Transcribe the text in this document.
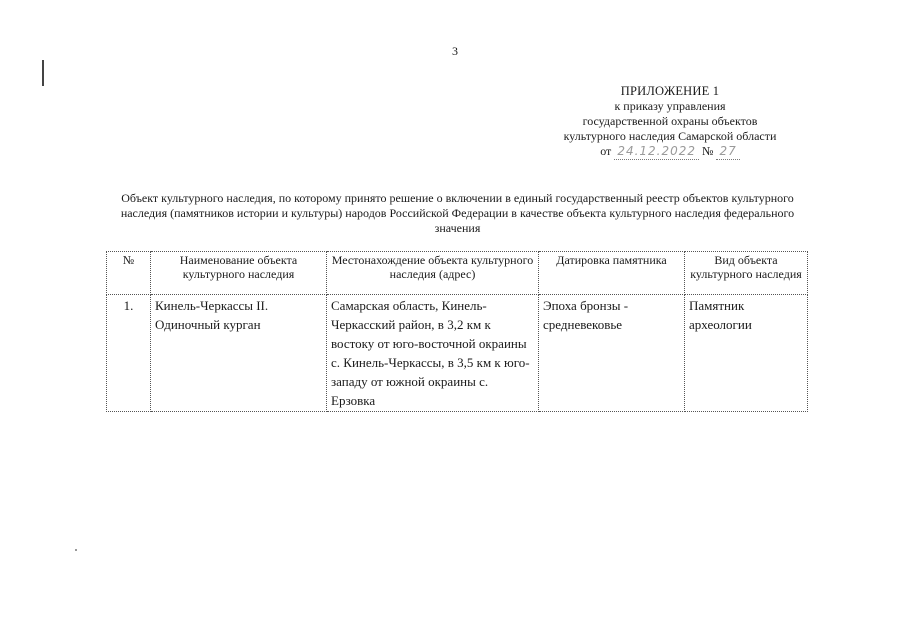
3
ПРИЛОЖЕНИЕ 1
к приказу управления
государственной охраны объектов
культурного наследия Самарской области
от 24.12.2022 № 27
Объект культурного наследия, по которому принято решение о включении в единый государственный реестр объектов культурного наследия (памятников истории и культуры) народов Российской Федерации в качестве объекта культурного наследия федерального значения
№	Наименование объекта культурного наследия	Местонахождение объекта культурного наследия (адрес)	Датировка памятника	Вид объекта культурного наследия
1.	Кинель-Черкассы II. Одиночный курган	Самарская область, Кинель-Черкасский район, в 3,2 км к востоку от юго-восточной окраины с. Кинель-Черкассы, в 3,5 км к юго-западу от южной окраины с. Ерзовка	Эпоха бронзы - средневековье	Памятник археологии
